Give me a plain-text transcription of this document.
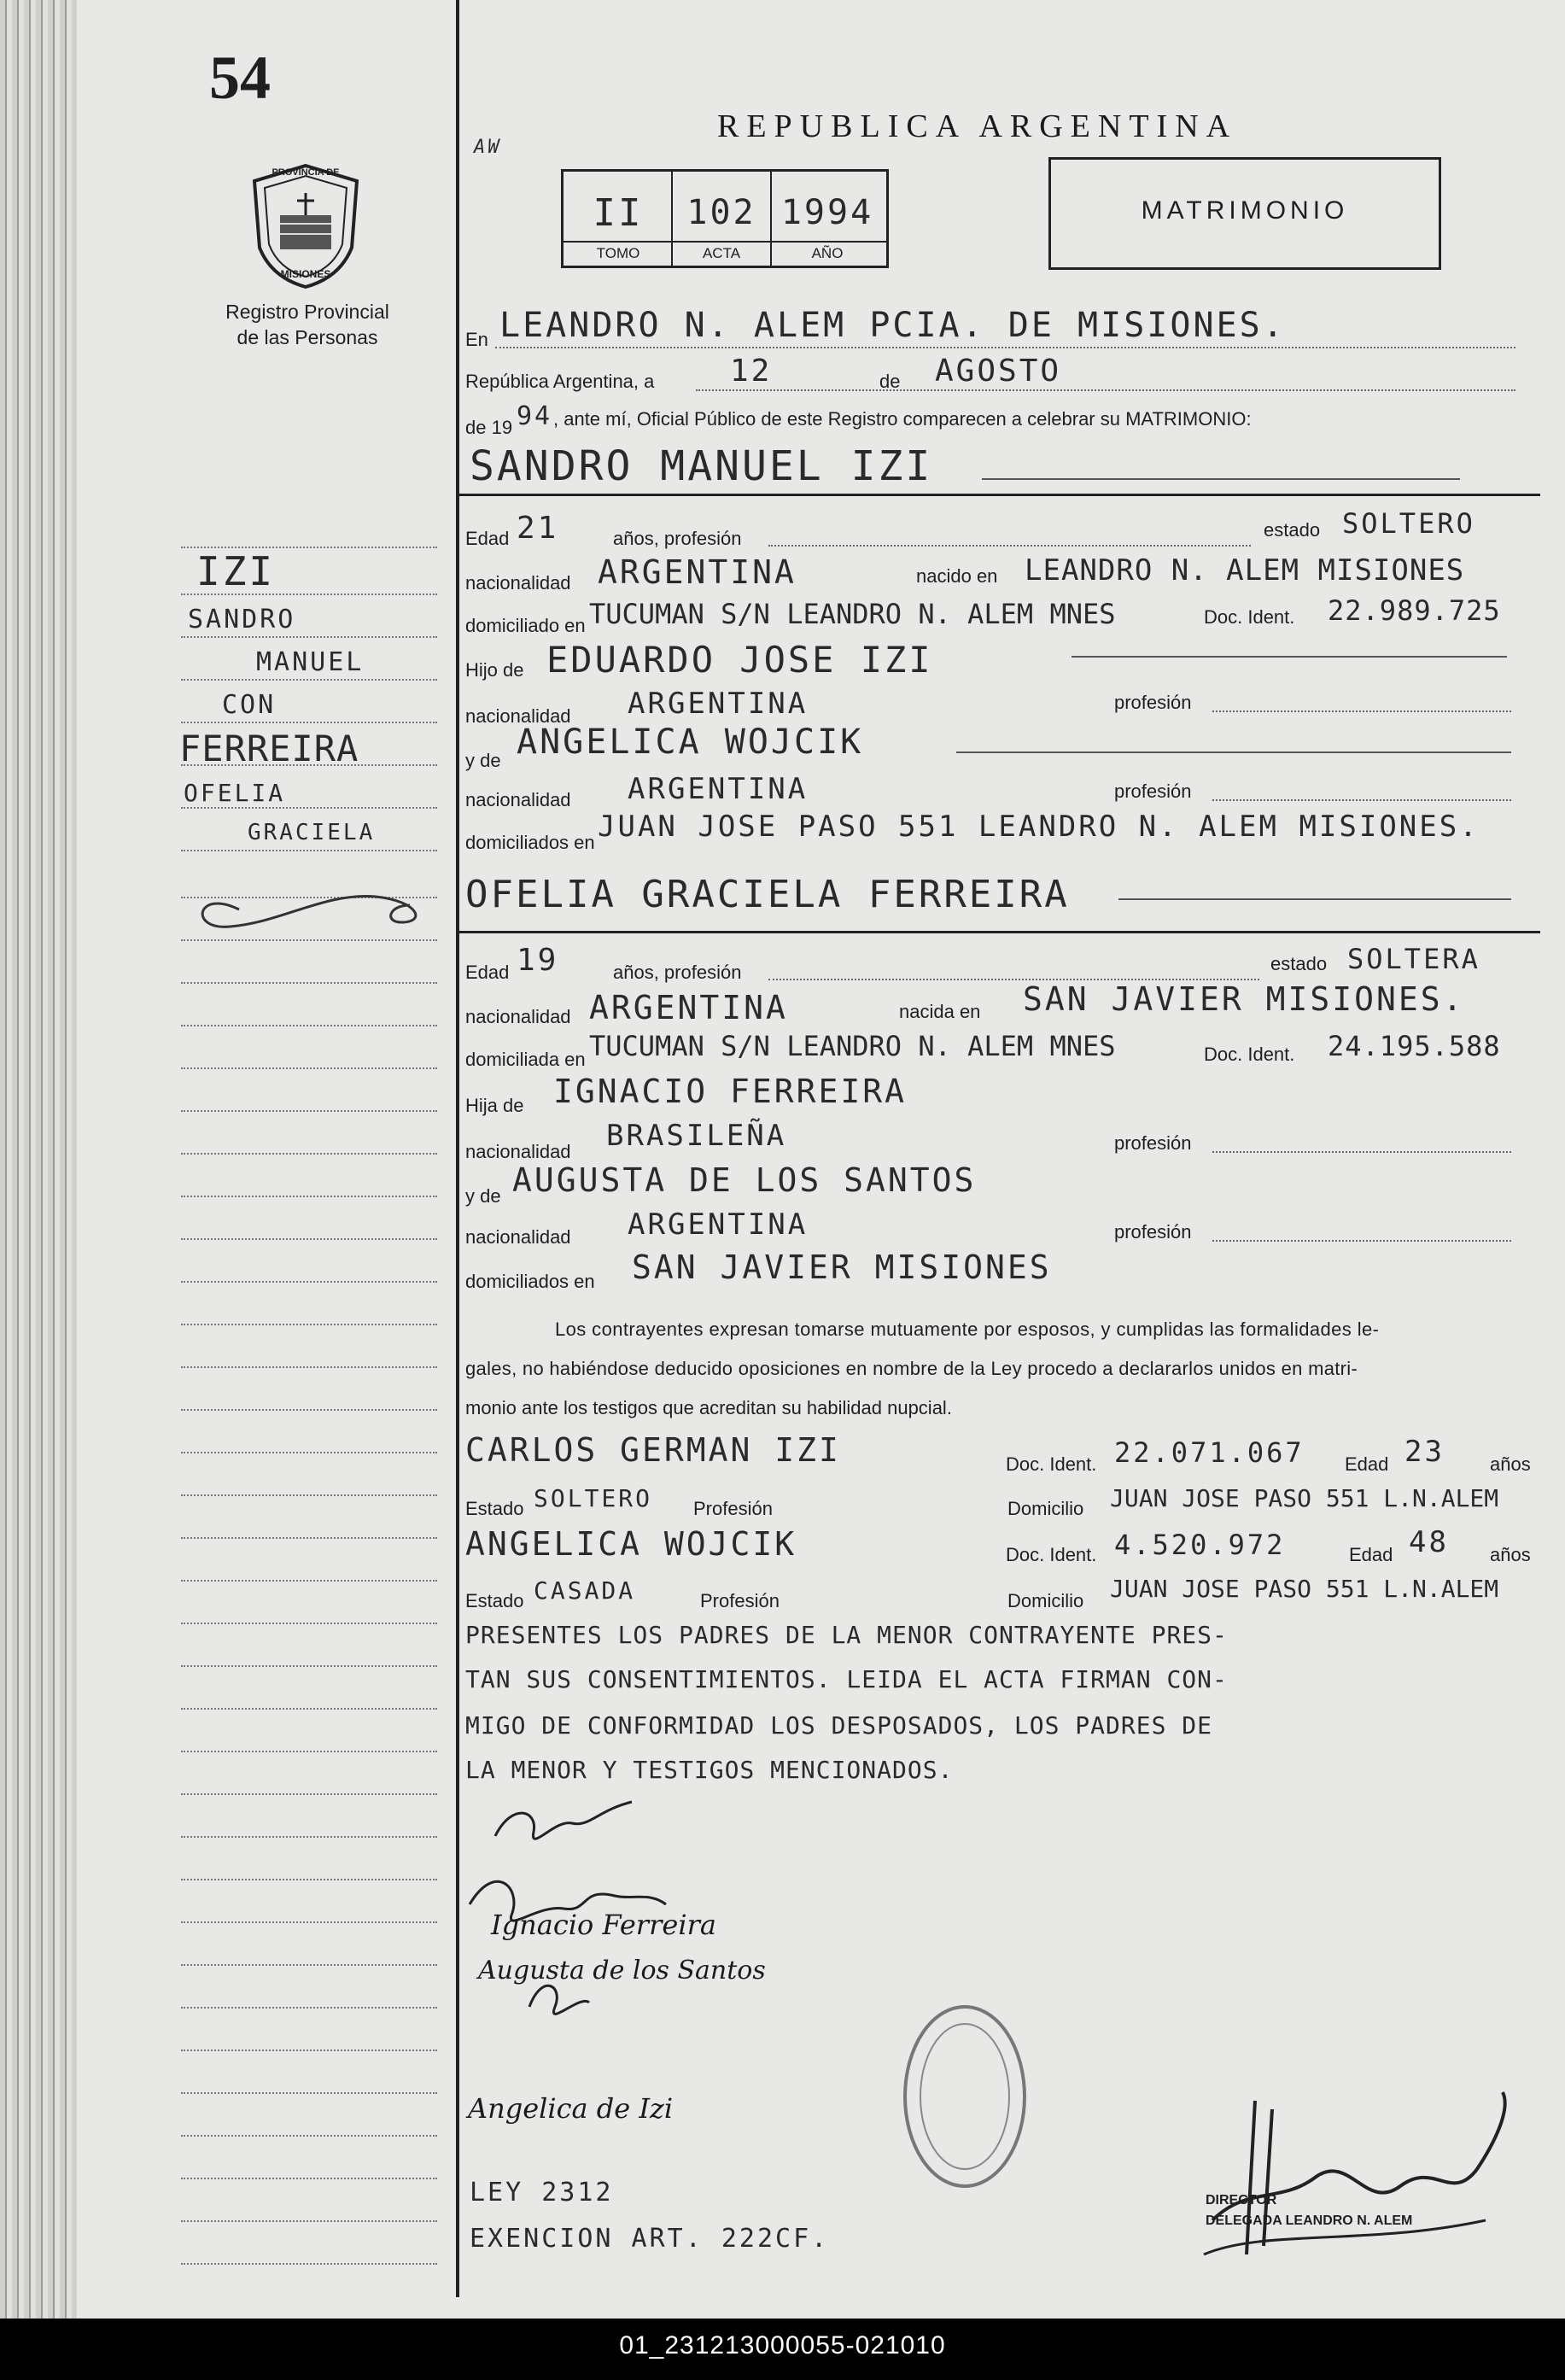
54
PROVINCIA DE
MISIONES
Registro Provincial
de las Personas
REPUBLICA ARGENTINA
AW
II	102 1994
TOMO	ACTA	AÑO
MATRIMONIO
En LEANDRO N. ALEM PCIA. DE MISIONES.
República Argentina, a 12	de AGOSTO
de 19 94 , ante mí, Oficial Público de este Registro comparecen a celebrar su MATRIMONIO:
SANDRO MANUEL IZI
Edad 21	años, profesión	estado SOLTERO
nacionalidad ARGENTINA	nacido en LEANDRO N. ALEM MISIONES
domiciliado en TUCUMAN S/N LEANDRO N. ALEM MNES	Doc. Ident. 22.989.725
Hijo de EDUARDO JOSE IZI
nacionalidad ARGENTINA	profesión
y de ANGELICA WOJCIK
nacionalidad ARGENTINA	profesión
domiciliados en JUAN JOSE PASO 551 LEANDRO N. ALEM MISIONES.
OFELIA GRACIELA FERREIRA
Edad 19	años, profesión	estado SOLTERA
nacionalidad ARGENTINA	nacida en SAN JAVIER MISIONES.
domiciliada en TUCUMAN S/N LEANDRO N. ALEM MNES	Doc. Ident. 24.195.588
Hija de IGNACIO FERREIRA
nacionalidad BRASILEÑA	profesión
y de AUGUSTA DE LOS SANTOS
nacionalidad ARGENTINA	profesión
domiciliados en SAN JAVIER MISIONES
Los contrayentes expresan tomarse mutuamente por esposos, y cumplidas las formalidades le-
gales, no habiéndose deducido oposiciones en nombre de la Ley procedo a declararlos unidos en matri-
monio ante los testigos que acreditan su habilidad nupcial.
CARLOS GERMAN IZI	Doc. Ident. 22.071.067 Edad 23 años
Estado SOLTERO Profesión	Domicilio JUAN JOSE PASO 551 L.N.ALEM
ANGELICA WOJCIK	Doc. Ident. 4.520.972	Edad 48 años
Estado CASADA	Profesión	Domicilio JUAN JOSE PASO 551 L.N.ALEM
PRESENTES LOS PADRES DE LA MENOR CONTRAYENTE PRES-
TAN SUS CONSENTIMIENTOS. LEIDA EL ACTA FIRMAN CON-
MIGO DE CONFORMIDAD LOS DESPOSADOS, LOS PADRES DE
LA MENOR Y TESTIGOS MENCIONADOS.
Ignacio Ferreira
Augusta de los Santos
Angelica de Izi
DIRECTOR
DELEGADA LEANDRO N. ALEM
LEY 2312
EXENCION ART. 222CF.
IZI
SANDRO
MANUEL
CON
FERREIRA
OFELIA
GRACIELA
01_231213000055-021010
